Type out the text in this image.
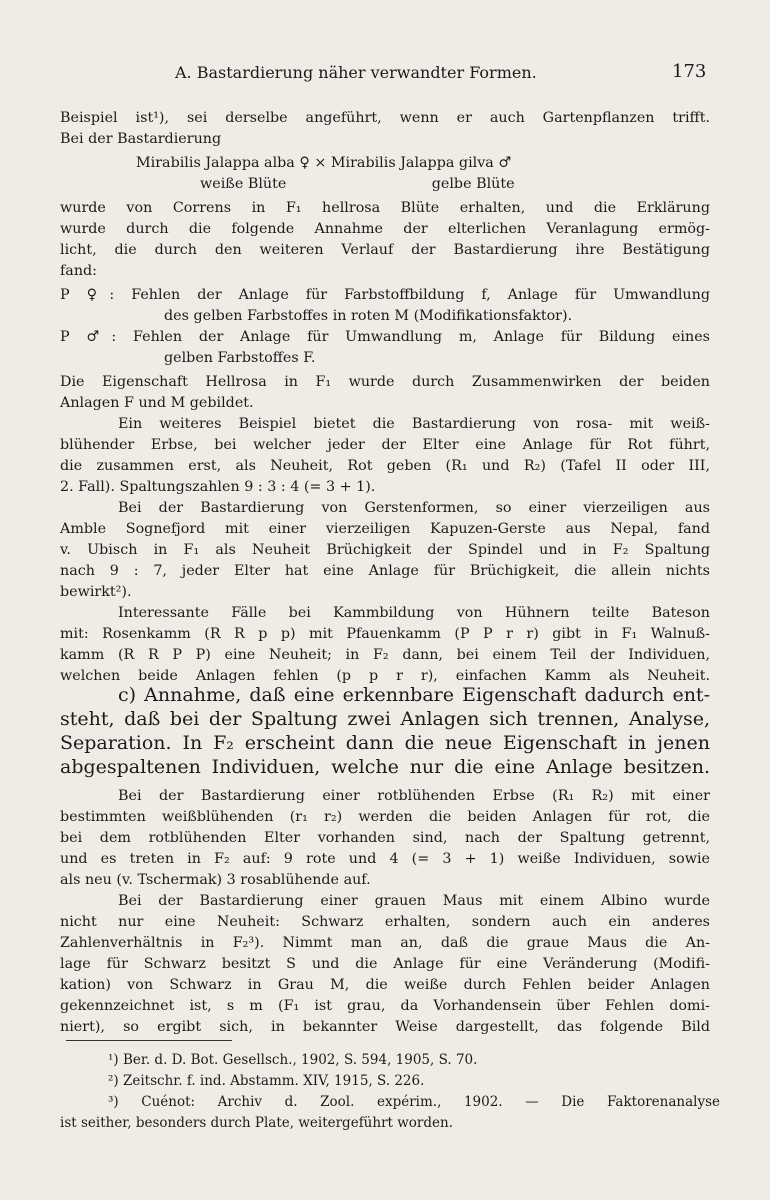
A. Bastardierung näher verwandter Formen.	173
Beispiel ist¹), sei derselbe angeführt, wenn er auch Gartenpflanzen trifft.
Bei der Bastardierung
Mirabilis Jalappa alba ♀ × Mirabilis Jalappa gilva ♂
weiße Blüte                                gelbe Blüte
wurde von Correns in F₁ hellrosa Blüte erhalten, und die Erklärung
wurde durch die folgende Annahme der elterlichen Veranlagung ermög-
licht, die durch den weiteren Verlauf der Bastardierung ihre Bestätigung
fand:
P ♀: Fehlen der Anlage für Farbstoffbildung f, Anlage für Umwandlung
des gelben Farbstoffes in roten M (Modifikationsfaktor).
P ♂: Fehlen der Anlage für Umwandlung m, Anlage für Bildung eines
gelben Farbstoffes F.
Die Eigenschaft Hellrosa in F₁ wurde durch Zusammenwirken der beiden
Anlagen F und M gebildet.
Ein weiteres Beispiel bietet die Bastardierung von rosa- mit weiß-
blühender Erbse, bei welcher jeder der Elter eine Anlage für Rot führt,
die zusammen erst, als Neuheit, Rot geben (R₁ und R₂) (Tafel II oder III,
2. Fall). Spaltungszahlen 9 : 3 : 4 (= 3 + 1).
Bei der Bastardierung von Gerstenformen, so einer vierzeiligen aus
Amble Sognefjord mit einer vierzeiligen Kapuzen-Gerste aus Nepal, fand
v. Ubisch in F₁ als Neuheit Brüchigkeit der Spindel und in F₂ Spaltung
nach 9 : 7, jeder Elter hat eine Anlage für Brüchigkeit, die allein nichts
bewirkt²).
Interessante Fälle bei Kammbildung von Hühnern teilte Bateson
mit: Rosenkamm (R R p p) mit Pfauenkamm (P P r r) gibt in F₁ Walnuß-
kamm (R R P P) eine Neuheit; in F₂ dann, bei einem Teil der Individuen,
welchen beide Anlagen fehlen (p p r r), einfachen Kamm als Neuheit.
c) Annahme, daß eine erkennbare Eigenschaft dadurch ent-
steht, daß bei der Spaltung zwei Anlagen sich trennen, Analyse,
Separation. In F₂ erscheint dann die neue Eigenschaft in jenen
abgespaltenen Individuen, welche nur die eine Anlage besitzen.
Bei der Bastardierung einer rotblühenden Erbse (R₁ R₂) mit einer
bestimmten weißblühenden (r₁ r₂) werden die beiden Anlagen für rot, die
bei dem rotblühenden Elter vorhanden sind, nach der Spaltung getrennt,
und es treten in F₂ auf: 9 rote und 4 (= 3 + 1) weiße Individuen, sowie
als neu (v. Tschermak) 3 rosablühende auf.
Bei der Bastardierung einer grauen Maus mit einem Albino wurde
nicht nur eine Neuheit: Schwarz erhalten, sondern auch ein anderes
Zahlenverhältnis in F₂³). Nimmt man an, daß die graue Maus die An-
lage für Schwarz besitzt S und die Anlage für eine Veränderung (Modifi-
kation) von Schwarz in Grau M, die weiße durch Fehlen beider Anlagen
gekennzeichnet ist, s m (F₁ ist grau, da Vorhandensein über Fehlen domi-
niert), so ergibt sich, in bekannter Weise dargestellt, das folgende Bild
¹) Ber. d. D. Bot. Gesellsch., 1902, S. 594, 1905, S. 70.
²) Zeitschr. f. ind. Abstamm. XIV, 1915, S. 226.
³) Cuénot: Archiv d. Zool. expérim., 1902. — Die Faktorenanalyse
ist seither, besonders durch Plate, weitergeführt worden.
